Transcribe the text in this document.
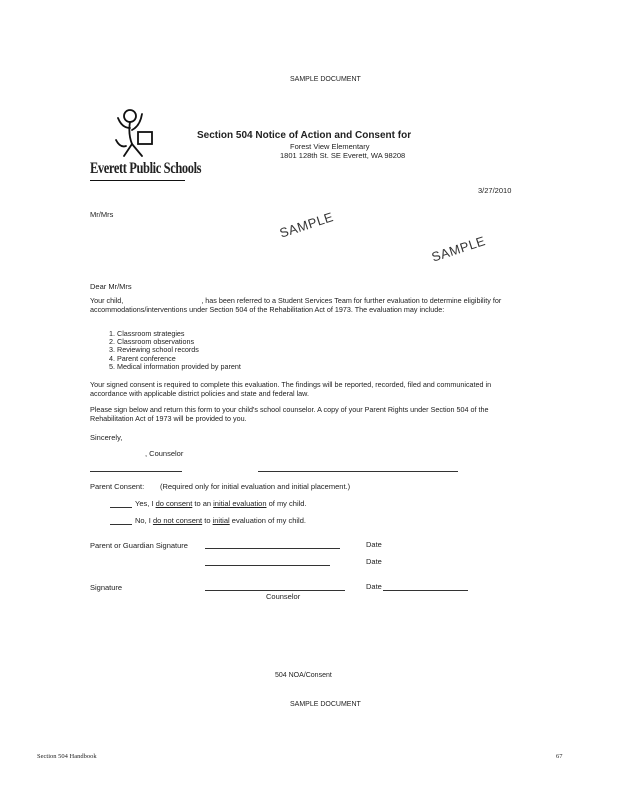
SAMPLE DOCUMENT
Everett Public Schools
Section 504 Notice of Action and Consent for
Forest View Elementary
1801 128th St. SE Everett, WA 98208
3/27/2010
Mr/Mrs	SAMPLE
SAMPLE
Dear Mr/Mrs
Your child,	, has been referred to a Student Services Team for further evaluation to determine eligibility for accommodations/interventions under Section 504 of the Rehabilitation Act of 1973. The evaluation may include:
1. Classroom strategies
2. Classroom observations
3. Reviewing school records
4. Parent conference
5. Medical information provided by parent
Your signed consent is required to complete this evaluation. The findings will be reported, recorded, filed and communicated in accordance with applicable district policies and state and federal law.
Please sign below and return this form to your child's school counselor. A copy of your Parent Rights under Section 504 of the Rehabilitation Act of 1973 will be provided to you.
Sincerely,
, Counselor
Parent Consent: (Required only for initial evaluation and initial placement.)
Yes, I do consent to an initial evaluation of my child.
No, I do not consent to initial evaluation of my child.
Parent or Guardian Signature	Date
Date
Signature	Date
Counselor
504 NOA/Consent
SAMPLE DOCUMENT
Section 504 Handbook	67
